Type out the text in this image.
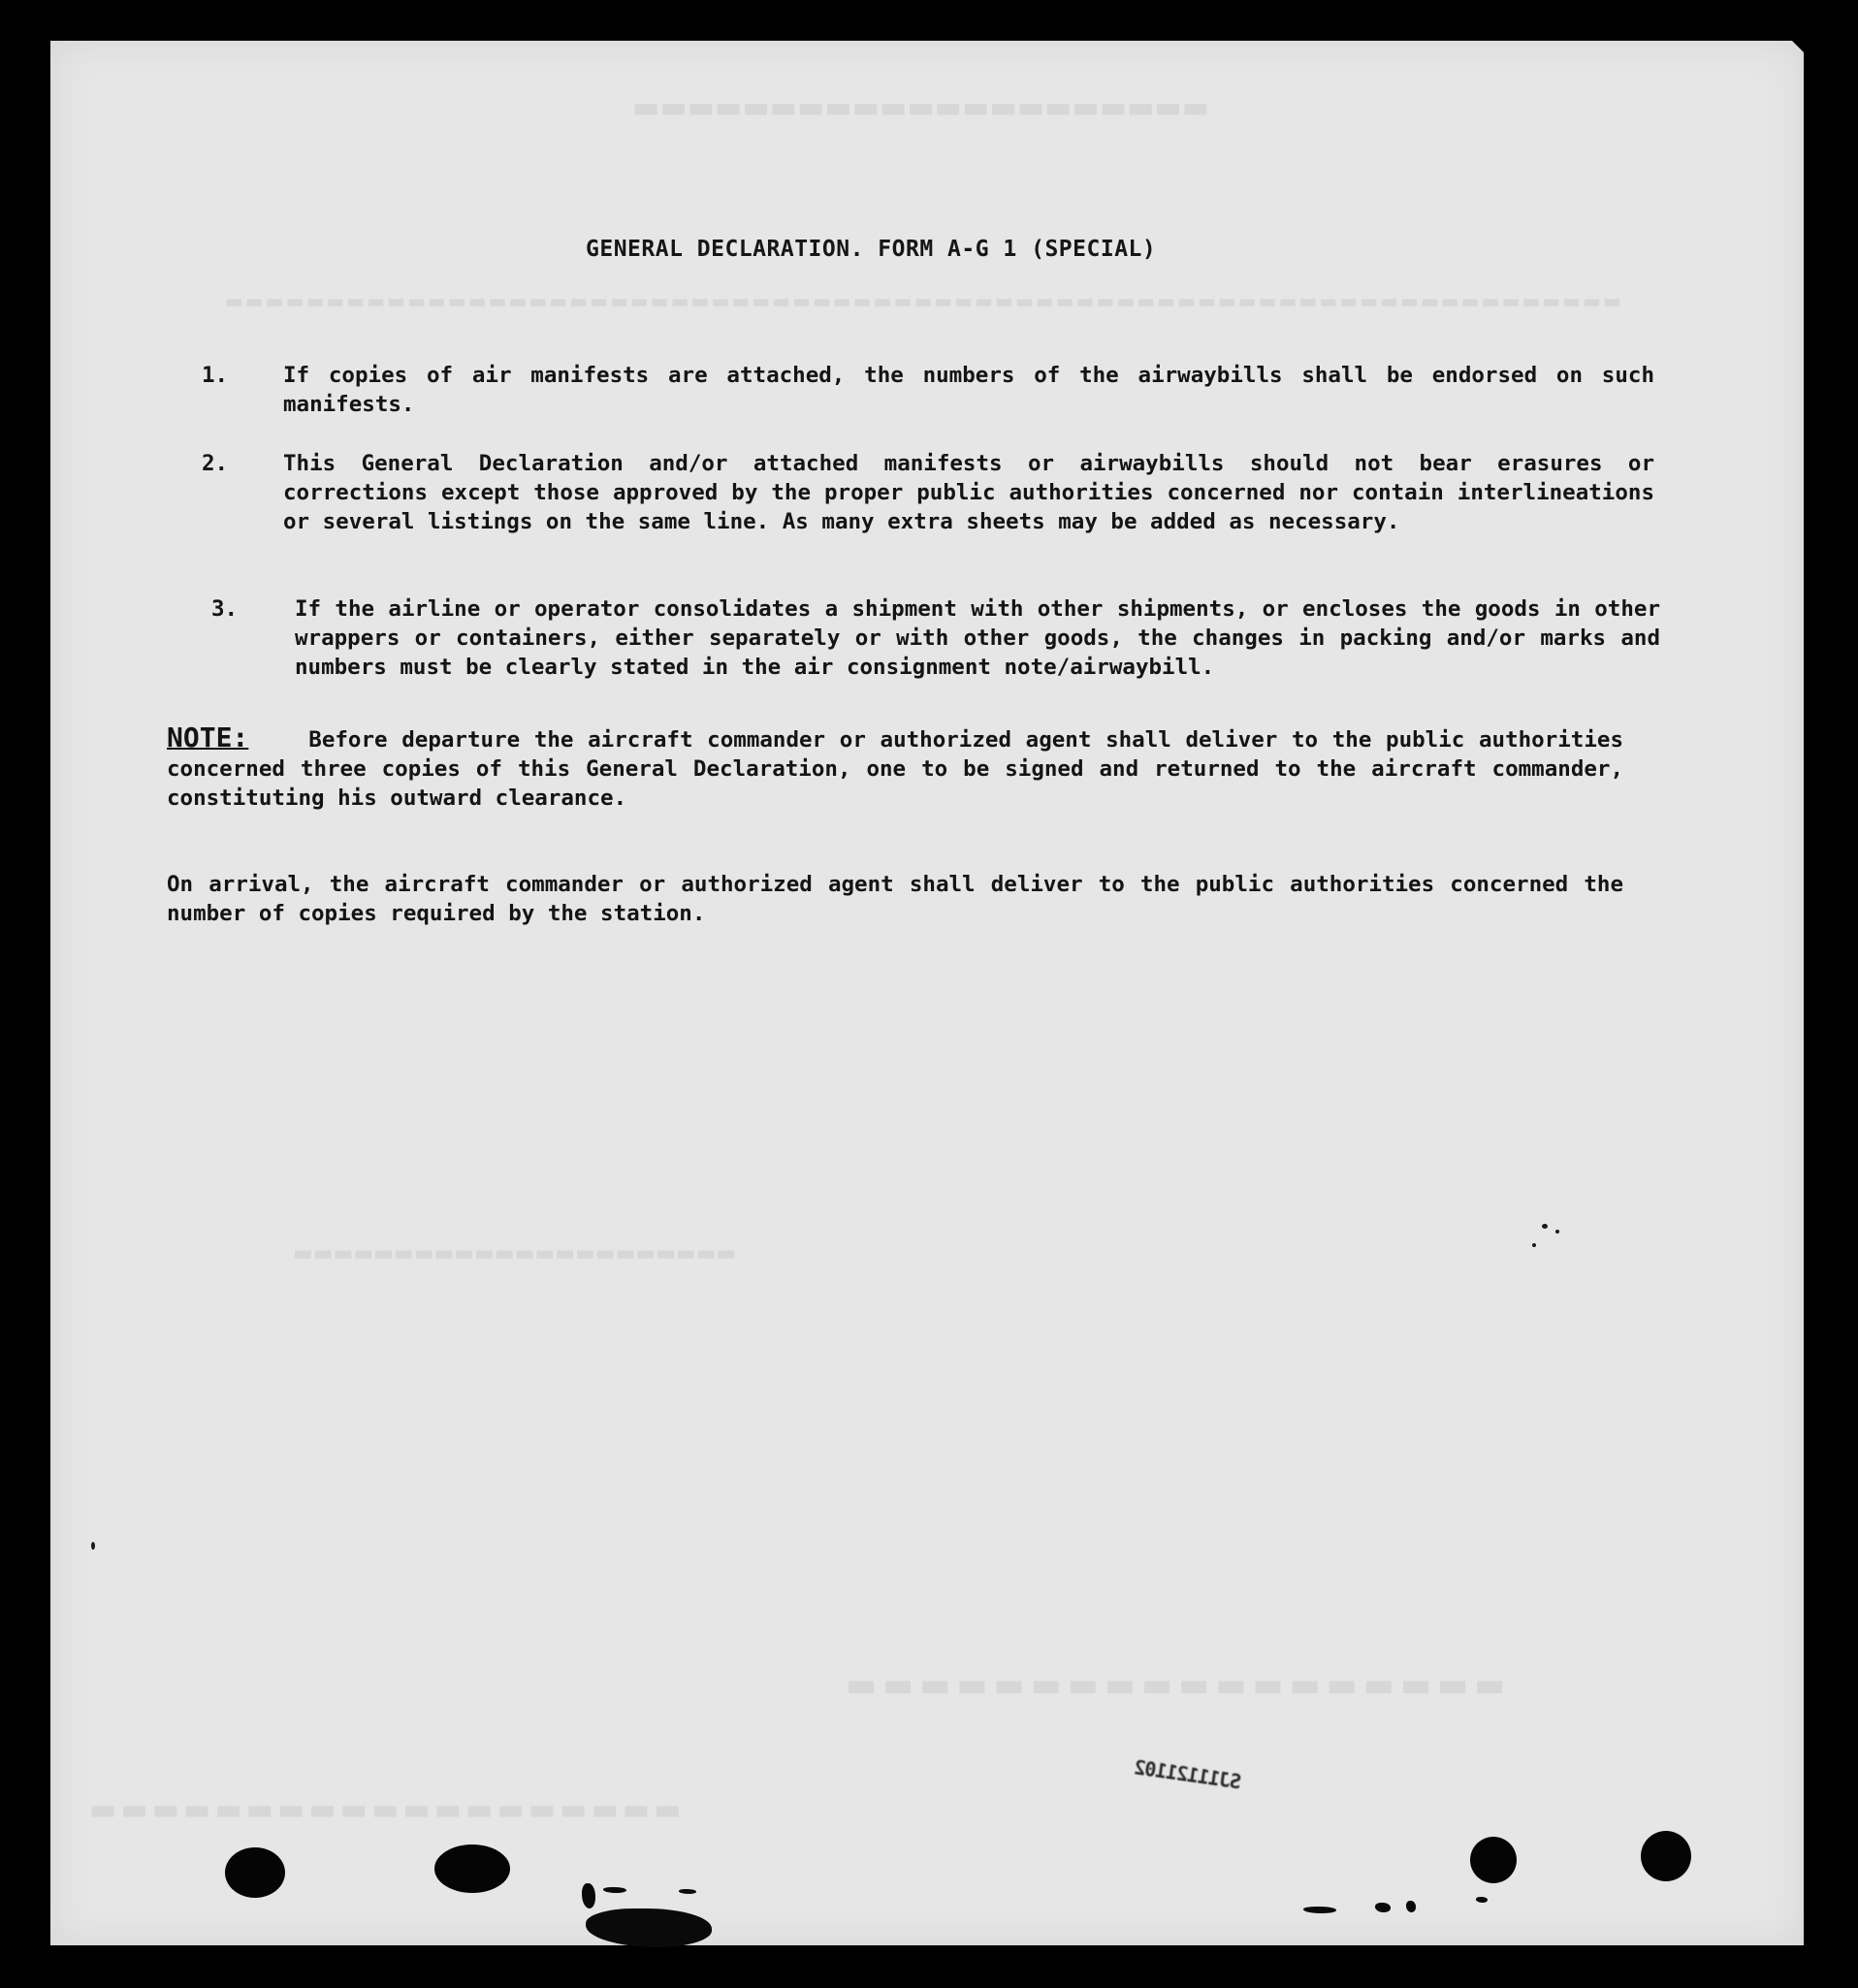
▬▬▬▬▬▬▬▬▬▬▬▬▬▬▬▬▬▬▬▬▬
▬▬▬▬▬▬▬▬▬▬▬▬▬▬▬▬▬▬▬▬▬▬▬▬▬▬▬▬▬▬▬▬▬▬▬▬▬▬▬▬▬▬▬▬▬▬▬▬▬▬▬▬▬▬▬▬▬▬▬▬▬▬▬▬▬▬▬▬▬
▬▬▬▬▬▬▬▬▬▬▬▬▬▬▬▬▬▬▬▬▬▬
▬▬▬▬▬▬▬▬▬▬▬▬▬▬▬▬▬▬
▬▬▬▬▬▬▬▬▬▬▬▬▬▬▬▬▬▬▬
GENERAL DECLARATION. FORM A-G 1 (SPECIAL)
1.	If copies of air manifests are attached, the numbers of the airwaybills shall be endorsed on such manifests.
2.	This General Declaration and/or attached manifests or airwaybills should not bear erasures or corrections except those approved by the proper public authorities concerned nor contain interlineations or several listings on the same line. As many extra sheets may be added as necessary.
3.	If the airline or operator consolidates a shipment with other shipments, or encloses the goods in other wrappers or containers, either separately or with other goods, the changes in packing and/or marks and numbers must be clearly stated in the air consignment note/airwaybill.
NOTE:	Before departure the aircraft commander or authorized agent shall deliver to the public authorities concerned three copies of this General Declaration, one to be signed and returned to the aircraft commander, constituting his outward clearance.
On arrival, the aircraft commander or authorized agent shall deliver to the public authorities concerned the number of copies required by the station.
SJ11121102
